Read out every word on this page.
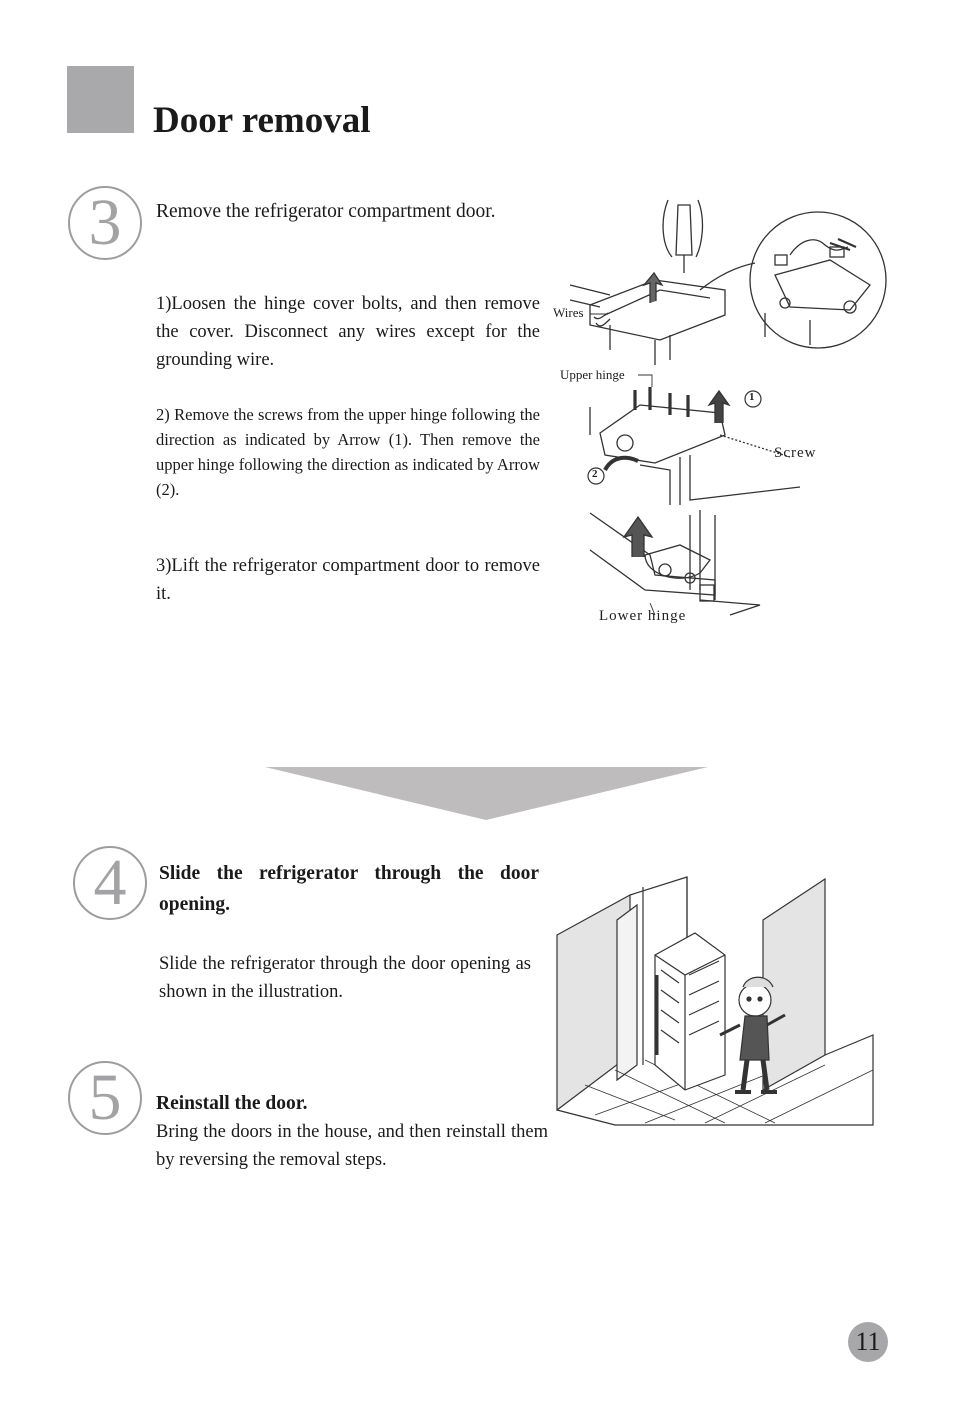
Door removal
3	Remove the refrigerator compartment door.

1)Loosen the hinge cover bolts, and then remove the cover. Disconnect any wires except for the grounding wire.

2) Remove the screws from the upper hinge following the direction as indicated by Arrow (1). Then remove the upper hinge following the direction as indicated by Arrow (2).

3)Lift the refrigerator compartment door to remove it.

Wires
Upper hinge
Screw
Lower hinge
1
2
4	Slide the refrigerator through the door opening.

Slide the refrigerator through the door opening as shown in the illustration.

5	Reinstall the door.

Bring the doors in the house, and then reinstall them by reversing the removal steps.

11
